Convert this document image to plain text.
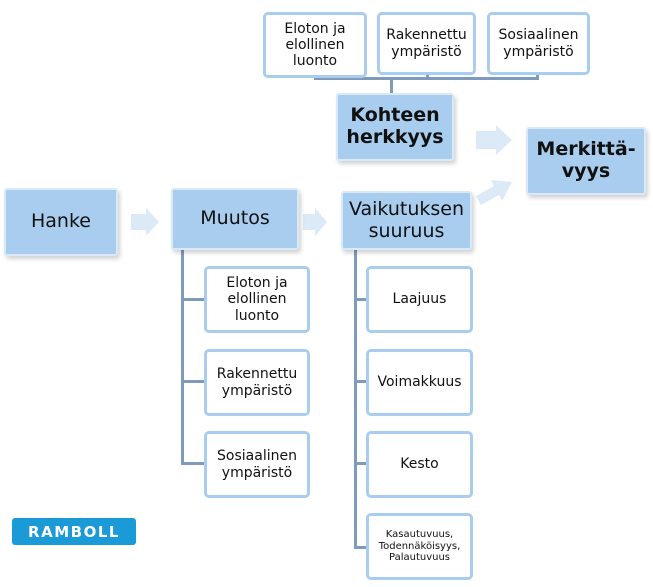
Hanke	Muutos	Vaikutuksen suuruus
Kohteen herkkyys
Merkittä-vyys
Eloton ja elollinen luonto
Rakennettu ympäristö
Sosiaalinen ympäristö
Laajuus
Voimakkuus
Kesto
Kasautuvuus, Todennäköisyys, Palautuvuus
Eloton ja elollinen luonto
Rakennettu ympäristö
Sosiaalinen ympäristö
RAMBOLL
